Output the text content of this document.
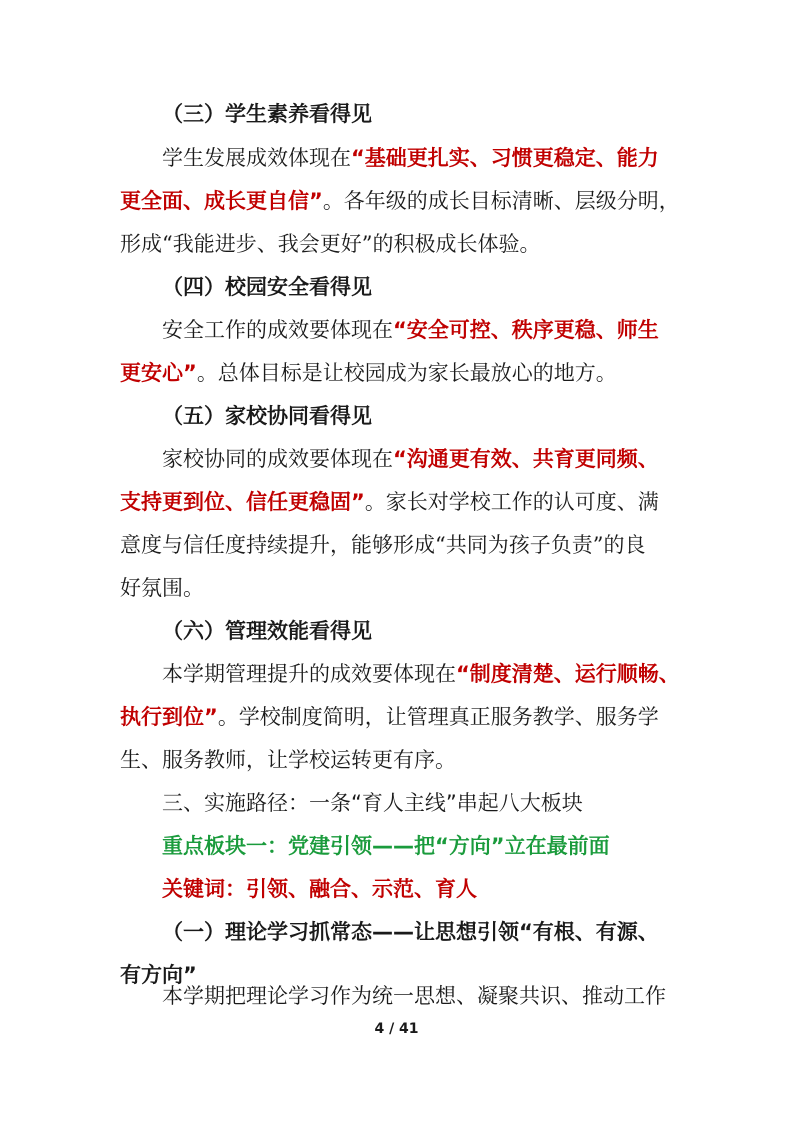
（三）学生素养看得见
学生发展成效体现在“基础更扎实、习惯更稳定、能力
更全面、成长更自信”。各年级的成长目标清晰、层级分明，
形成“我能进步、我会更好”的积极成长体验。
（四）校园安全看得见
安全工作的成效要体现在“安全可控、秩序更稳、师生
更安心”。总体目标是让校园成为家长最放心的地方。
（五）家校协同看得见
家校协同的成效要体现在“沟通更有效、共育更同频、
支持更到位、信任更稳固”。家长对学校工作的认可度、满
意度与信任度持续提升，能够形成“共同为孩子负责”的良
好氛围。
（六）管理效能看得见
本学期管理提升的成效要体现在“制度清楚、运行顺畅、
执行到位”。学校制度简明，让管理真正服务教学、服务学
生、服务教师，让学校运转更有序。
三、实施路径：一条“育人主线”串起八大板块
重点板块一：党建引领——把“方向”立在最前面
关键词：引领、融合、示范、育人
（一）理论学习抓常态——让思想引领“有根、有源、
有方向”
本学期把理论学习作为统一思想、凝聚共识、推动工作
4 / 41
